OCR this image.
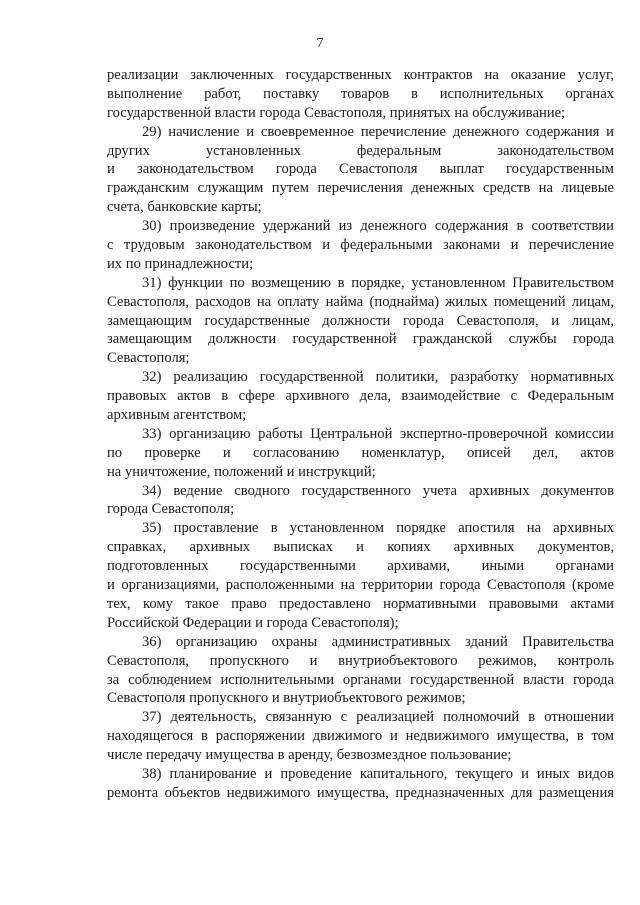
7
реализации заключенных государственных контрактов на оказание услуг,
выполнение работ, поставку товаров в исполнительных органах
государственной власти города Севастополя, принятых на обслуживание;
29) начисление и своевременное перечисление денежного содержания и
других установленных федеральным законодательством
и законодательством города Севастополя выплат государственным
гражданским служащим путем перечисления денежных средств на лицевые
счета, банковские карты;
30) произведение удержаний из денежного содержания в соответствии
с трудовым законодательством и федеральными законами и перечисление
их по принадлежности;
31) функции по возмещению в порядке, установленном Правительством
Севастополя, расходов на оплату найма (поднайма) жилых помещений лицам,
замещающим государственные должности города Севастополя, и лицам,
замещающим должности государственной гражданской службы города
Севастополя;
32) реализацию государственной политики, разработку нормативных
правовых актов в сфере архивного дела, взаимодействие с Федеральным
архивным агентством;
33) организацию работы Центральной экспертно-проверочной комиссии
по проверке и согласованию номенклатур, описей дел, актов
на уничтожение, положений и инструкций;
34) ведение сводного государственного учета архивных документов
города Севастополя;
35) проставление в установленном порядке апостиля на архивных
справках, архивных выписках и копиях архивных документов,
подготовленных государственными архивами, иными органами
и организациями, расположенными на территории города Севастополя (кроме
тех, кому такое право предоставлено нормативными правовыми актами
Российской Федерации и города Севастополя);
36) организацию охраны административных зданий Правительства
Севастополя, пропускного и внутриобъектового режимов, контроль
за соблюдением исполнительными органами государственной власти города
Севастополя пропускного и внутриобъектового режимов;
37) деятельность, связанную с реализацией полномочий в отношении
находящегося в распоряжении движимого и недвижимого имущества, в том
числе передачу имущества в аренду, безвозмездное пользование;
38) планирование и проведение капитального, текущего и иных видов
ремонта объектов недвижимого имущества, предназначенных для размещения
